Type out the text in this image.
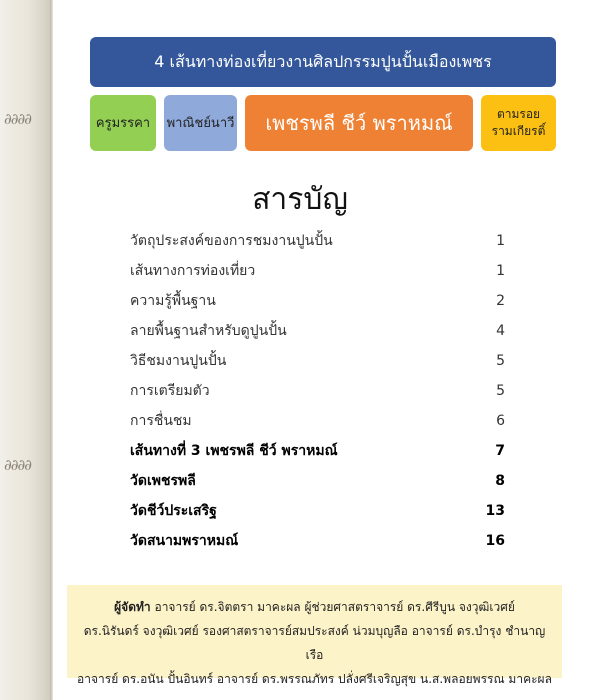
∂∂∂∂
∂∂∂∂
4 เส้นทางท่องเที่ยวงานศิลปกรรมปูนปั้นเมืองเพชร
ครูมรรคา พาณิชย์นาวี เพชรพลี ชีว์ พราหมณ์	ตามรอย รามเกียรติ์
สารบัญ
วัตถุประสงค์ของการชมงานปูนปั้น	1
เส้นทางการท่องเที่ยว	1
ความรู้พื้นฐาน	2
ลายพื้นฐานสำหรับดูปูนปั้น	4
วิธีชมงานปูนปั้น	5
การเตรียมตัว	5
การชื่นชม	6
เส้นทางที่ 3 เพชรพลี ชีว์ พราหมณ์	7
วัดเพชรพลี	8
วัดชีว์ประเสริฐ	13
วัดสนามพราหมณ์	16
ผู้จัดทำ อาจารย์ ดร.จิตตรา มาคะผล ผู้ช่วยศาสตราจารย์ ดร.ศีรีบูน จงวุฒิเวศย์
ดร.นิรันดร์ จงวุฒิเวศย์ รองศาสตราจารย์สมประสงค์ น่วมบุญลือ อาจารย์ ดร.บำรุง ชำนาญเรือ
อาจารย์ ดร.อนัน ปั้นอินทร์ อาจารย์ ดร.พรรณภัทร ปลั่งศรีเจริญสุข น.ส.พลอยพรรณ มาคะผล
